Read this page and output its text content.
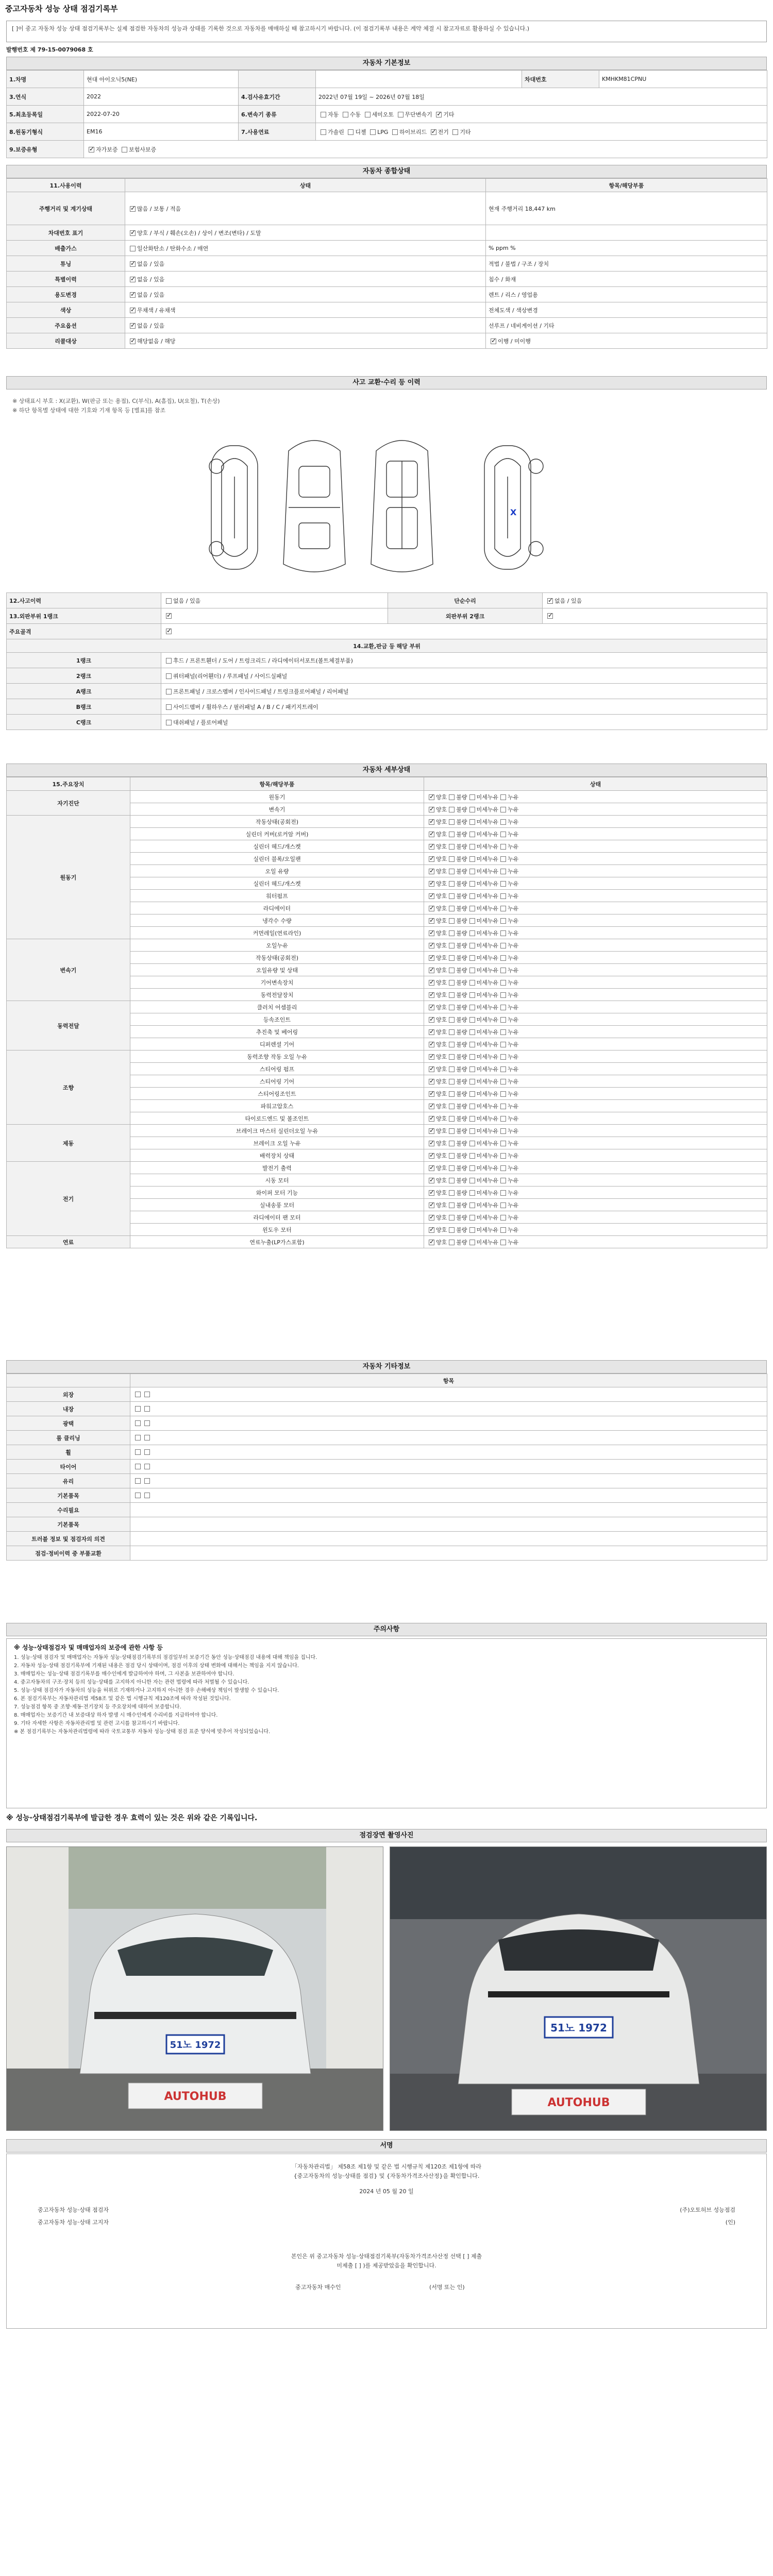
중고자동차 성능 상태 점검기록부
[ ]이 중고 자동차 성능 상태 점검기록부는 실제 점검한 자동차의 성능과 상태를 기록한 것으로 자동차를 매매하실 때 참고하시기 바랍니다. (이 점검기록부 내용은 계약 체결 시 참고자료로 활용하실 수 있습니다.)
발행번호 제 79-15-0079068 호
자동차 기본정보
1.차명	현대 아이오닉5(NE)			차대번호	KMHKM81CPNU
3.연식	2022	4.검사유효기간	2022년 07월 19일 ~ 2026년 07월 18일		
5.최초등록일	2022-07-20	6.변속기 종류	자동 수동 세미오토 무단변속기 ✓ 기타
8.원동기형식	EM16	7.사용연료	가솔린 디젤 LPG 하이브리드 ✓ 전기 기타
9.보증유형	✓자가보증 보험사보증
자동차 종합상태
11.사용이력	상태	항목/해당부품
주행거리 및 계기상태	✓많음 / 보통 / 적음	현재 주행거리 18,447 km
차대번호 표기	✓양호 / 부식 / 훼손(오손) / 상이 / 변조(변타) / 도말	
배출가스	일산화탄소 / 탄화수소 / 매연	% ppm %
튜닝	✓없음 / 있음	적법 / 불법 / 구조 / 장치
특별이력	✓없음 / 있음	침수 / 화재
용도변경	✓없음 / 있음	렌트 / 리스 / 영업용
색상	✓무채색 / 유채색	전체도색 / 색상변경
주요옵션	✓없음 / 있음	선루프 / 네비게이션 / 기타
리콜대상	✓해당없음 / 해당	✓이행 / 미이행
사고 교환·수리 등 이력
※ 상태표시 부호 : X(교환), W(판금 또는 용접), C(부식), A(흠집), U(요철), T(손상)
※ 하단 항목별 상태에 대한 기호와 기재 항목 등 [별표]를 참조
X
12.사고이력	없음 / 있음	단순수리	✓없음 / 있음
13.외판부위 1랭크	✓	외판부위 2랭크	✓
주요골격	✓
14.교환,판금 등 해당 부위			
1랭크	후드 / 프론트휀더 / 도어 / 트렁크리드 / 라디에이터서포트(볼트체결부품)		
2랭크	쿼터패널(리어휀더) / 루프패널 / 사이드실패널		
A랭크	프론트패널 / 크로스멤버 / 인사이드패널 / 트렁크플로어패널 / 리어패널		
B랭크	사이드멤버 / 휠하우스 / 필러패널 A / B / C / 패키지트레이		
C랭크	대쉬패널 / 플로어패널		
자동차 세부상태
15.주요장치	항목/해당부품	상태
자기진단	원동기	✓양호 불량 미세누유 누유
	변속기	✓양호 불량 미세누유 누유
원동기	작동상태(공회전)	✓양호 불량 미세누유 누유
	실린더 커버(로커암 커버)	✓양호 불량 미세누유 누유
	실린더 헤드/개스켓	✓양호 불량 미세누유 누유
	실린더 블록/오일팬	✓양호 불량 미세누유 누유
	오일 유량	✓양호 불량 미세누유 누유
	실린더 헤드/개스켓	✓양호 불량 미세누유 누유
	워터펌프	✓양호 불량 미세누유 누유
	라디에이터	✓양호 불량 미세누유 누유
	냉각수 수량	✓양호 불량 미세누유 누유
	커먼레일(연료라인)	✓양호 불량 미세누유 누유
변속기	오일누유	✓양호 불량 미세누유 누유
	작동상태(공회전)	✓양호 불량 미세누유 누유
	오일유량 및 상태	✓양호 불량 미세누유 누유
	기어변속장치	✓양호 불량 미세누유 누유
	동력전달장치	✓양호 불량 미세누유 누유
동력전달	클러치 어셈블리	✓양호 불량 미세누유 누유
	등속조인트	✓양호 불량 미세누유 누유
	추진축 및 베어링	✓양호 불량 미세누유 누유
	디퍼렌셜 기어	✓양호 불량 미세누유 누유
조향	동력조향 작동 오일 누유	✓양호 불량 미세누유 누유
	스티어링 펌프	✓양호 불량 미세누유 누유
	스티어링 기어	✓양호 불량 미세누유 누유
	스티어링조인트	✓양호 불량 미세누유 누유
	파워고압호스	✓양호 불량 미세누유 누유
	타이로드엔드 및 볼조인트	✓양호 불량 미세누유 누유
제동	브레이크 마스터 실린더오일 누유	✓양호 불량 미세누유 누유
	브레이크 오일 누유	✓양호 불량 미세누유 누유
	배력장치 상태	✓양호 불량 미세누유 누유
전기	발전기 출력	✓양호 불량 미세누유 누유
	시동 모터	✓양호 불량 미세누유 누유
	와이퍼 모터 기능	✓양호 불량 미세누유 누유
	실내송풍 모터	✓양호 불량 미세누유 누유
	라디에이터 팬 모터	✓양호 불량 미세누유 누유
	윈도우 모터	✓양호 불량 미세누유 누유
연료	연료누출(LP가스포함)	✓양호 불량 미세누유 누유
자동차 기타정보
	항목
외장	
내장	
광택	
룸 클리닝	
휠	
타이어	
유리	
기본품목	
수리필요	
기본품목	
트러블 정보 및 점검자의 의견	
점검·정비이력 중 부품교환	
주의사항
※ 성능·상태점검자 및 매매업자의 보증에 관한 사항 등

1. 성능·상태 점검자 및 매매업자는 자동차 성능·상태점검기록부의 점검일부터 보증기간 동안 성능·상태점검 내용에 대해 책임을 집니다.

2. 자동차 성능·상태 점검기록부에 기재된 내용은 점검 당시 상태이며, 점검 이후의 상태 변화에 대해서는 책임을 지지 않습니다.

3. 매매업자는 성능·상태 점검기록부를 매수인에게 발급하여야 하며, 그 사본을 보관하여야 합니다.

4. 중고자동차의 구조·장치 등의 성능·상태를 고지하지 아니한 자는 관련 법령에 따라 처벌될 수 있습니다.

5. 성능·상태 점검자가 자동차의 성능을 허위로 기재하거나 고지하지 아니한 경우 손해배상 책임이 발생할 수 있습니다.

6. 본 점검기록부는 자동차관리법 제58조 및 같은 법 시행규칙 제120조에 따라 작성된 것입니다.

7. 성능점검 항목 중 조향·제동·전기장치 등 주요장치에 대하여 보증합니다.

8. 매매업자는 보증기간 내 보증대상 하자 발생 시 매수인에게 수리비를 지급하여야 합니다.

9. 기타 자세한 사항은 자동차관리법 및 관련 고시를 참고하시기 바랍니다.

※ 본 점검기록부는 자동차관리법령에 따라 국토교통부 자동차 성능·상태 점검 표준 양식에 맞추어 작성되었습니다.

※ 성능·상태점검기록부에 발급한 경우 효력이 있는 것은 위와 같은 기록입니다.
점검장면 촬영사진
51노 1972
AUTOHUB
51노 1972
AUTOHUB
서명
「자동차관리법」 제58조 제1항 및 같은 법 시행규칙 제120조 제1항에 따라
{중고자동차의 성능·상태를 점검} 및 {자동차가격조사산정}을 확인합니다.
2024 년 05 월 20 일
중고자동차 성능·상태 점검자	(주)오토허브 성능점검
중고자동차 성능·상태 고지자	(인)
본인은 위 중고자동차 성능·상태점검기록부(자동차가격조사산정 선택 [ ] 제출
미제출 [ ] )를 제공받았음을 확인합니다.
중고자동차 매수인	(서명 또는 인)
